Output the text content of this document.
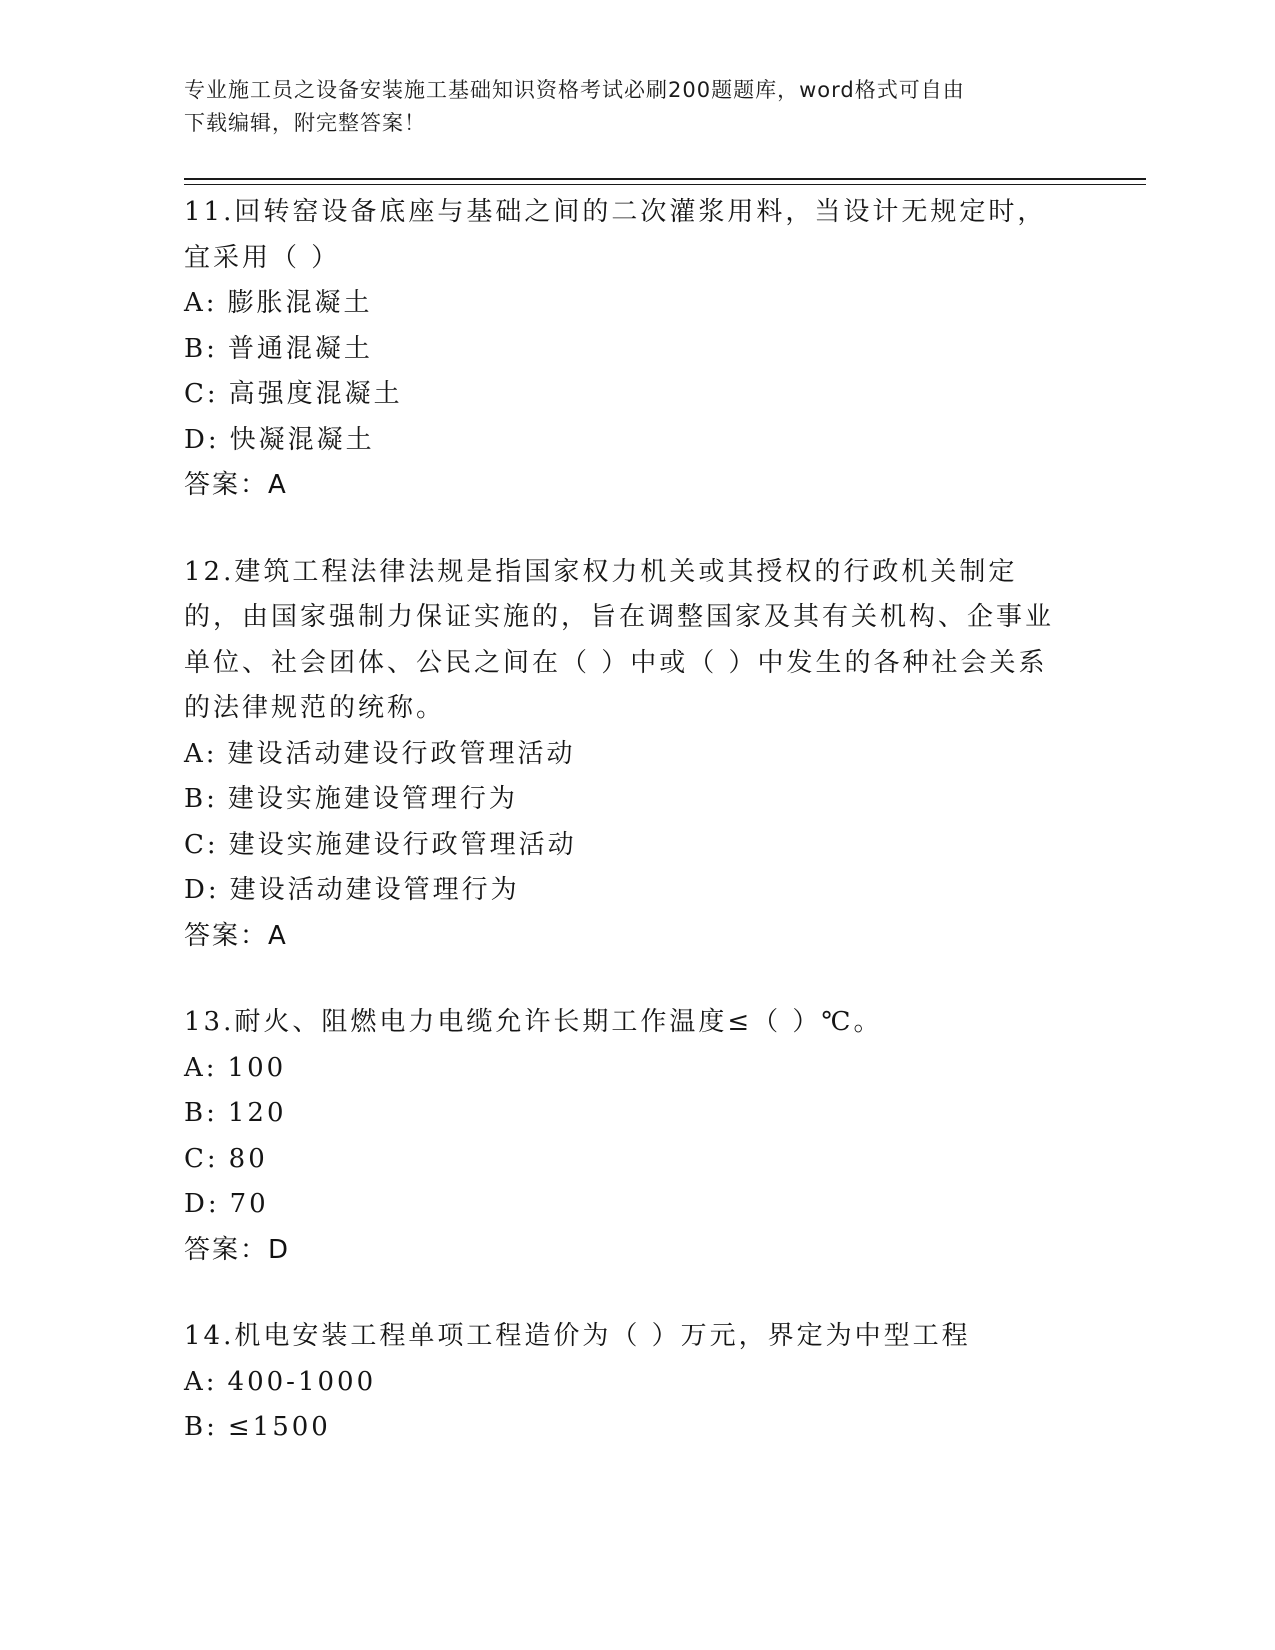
专业施工员之设备安装施工基础知识资格考试必刷200题题库，word格式可自由
下载编辑，附完整答案！
11.回转窑设备底座与基础之间的二次灌浆用料，当设计无规定时，宜采用（ ）
A: 膨胀混凝土
B: 普通混凝土
C: 高强度混凝土
D: 快凝混凝土
答案：A
12.建筑工程法律法规是指国家权力机关或其授权的行政机关制定的，由国家强制力保证实施的，旨在调整国家及其有关机构、企事业单位、社会团体、公民之间在（ ）中或（ ）中发生的各种社会关系的法律规范的统称。
A: 建设活动建设行政管理活动
B: 建设实施建设管理行为
C: 建设实施建设行政管理活动
D: 建设活动建设管理行为
答案：A
13.耐火、阻燃电力电缆允许长期工作温度≤（ ）℃。
A: 100
B: 120
C: 80
D: 70
答案：D
14.机电安装工程单项工程造价为（ ）万元，界定为中型工程
A: 400-1000
B: ≤1500
